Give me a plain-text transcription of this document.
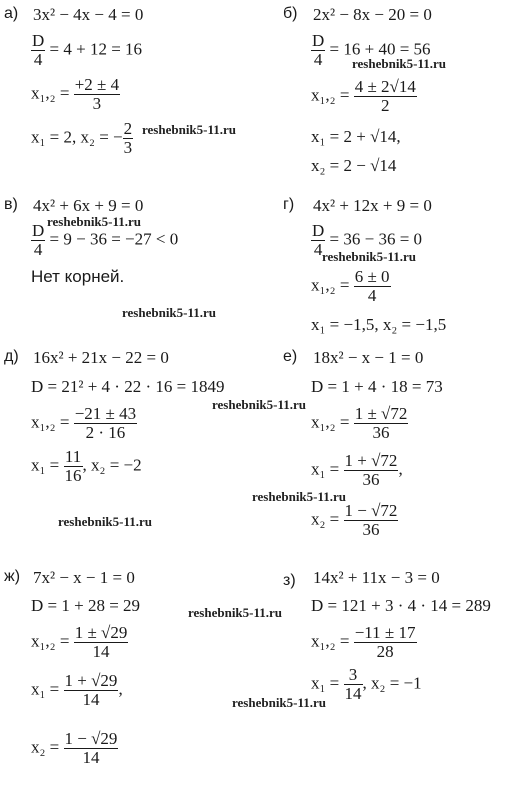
а) 3x² − 4x − 4 = 0
$\frac{D}{4} = 4 + 12 = 16$
$x_1,_2 = \frac{+2 \pm 4}{3}$
x₁ = 2, x₂ = − $\frac{2}{3}$
б) 2x² − 8x − 20 = 0
$\frac{D}{4} = 16 + 40 = 56$
$x_1,_2 = \frac{4 \pm 2√14}{2}$
x₁ = 2 + √14,
x₂ = 2 − √14
в) 4x² + 6x + 9 = 0
$\frac{D}{4} = 9 - 36 = -27 < 0$
Нет корней.
г) 4x² + 12x + 9 = 0
$\frac{D}{4} = 36 - 36 = 0$
$x_1,_2 = \frac{6 \pm 0}{4}$
x₁ = −1,5, x₂ = −1,5
д) 16x² + 21x − 22 = 0
D = 21² + 4 · 22 · 16 = 1849
$x_1,_2 = \frac{-21 \pm 43}{2 \cdot 16}$
$x_1 = \frac{11}{16}$ , x₂ = −2
е) 18x² − x − 1 = 0
D = 1 + 4 · 18 = 73
$x_1,_2 = \frac{1 \pm √72}{36}$
$x_1 = \frac{1 + √72}{36}$ ,
$x_2 = \frac{1 - √72}{36}$
ж) 7x² − x − 1 = 0
D = 1 + 28 = 29
$x_1,_2 = \frac{1 \pm √29}{14}$
$x_1 = \frac{1 + √29}{14}$ ,
$x_2 = \frac{1 - √29}{14}$
з) 14x² + 11x − 3 = 0
D = 121 + 3 · 4 · 14 = 289
$x_1,_2 = \frac{-11 \pm 17}{28}$
$x_1 = \frac{3}{14}$ , x₂ = −1
reshebnik5-11.ru
reshebnik5-11.ru
reshebnik5-11.ru
reshebnik5-11.ru
reshebnik5-11.ru
reshebnik5-11.ru
reshebnik5-11.ru
reshebnik5-11.ru
reshebnik5-11.ru
reshebnik5-11.ru
